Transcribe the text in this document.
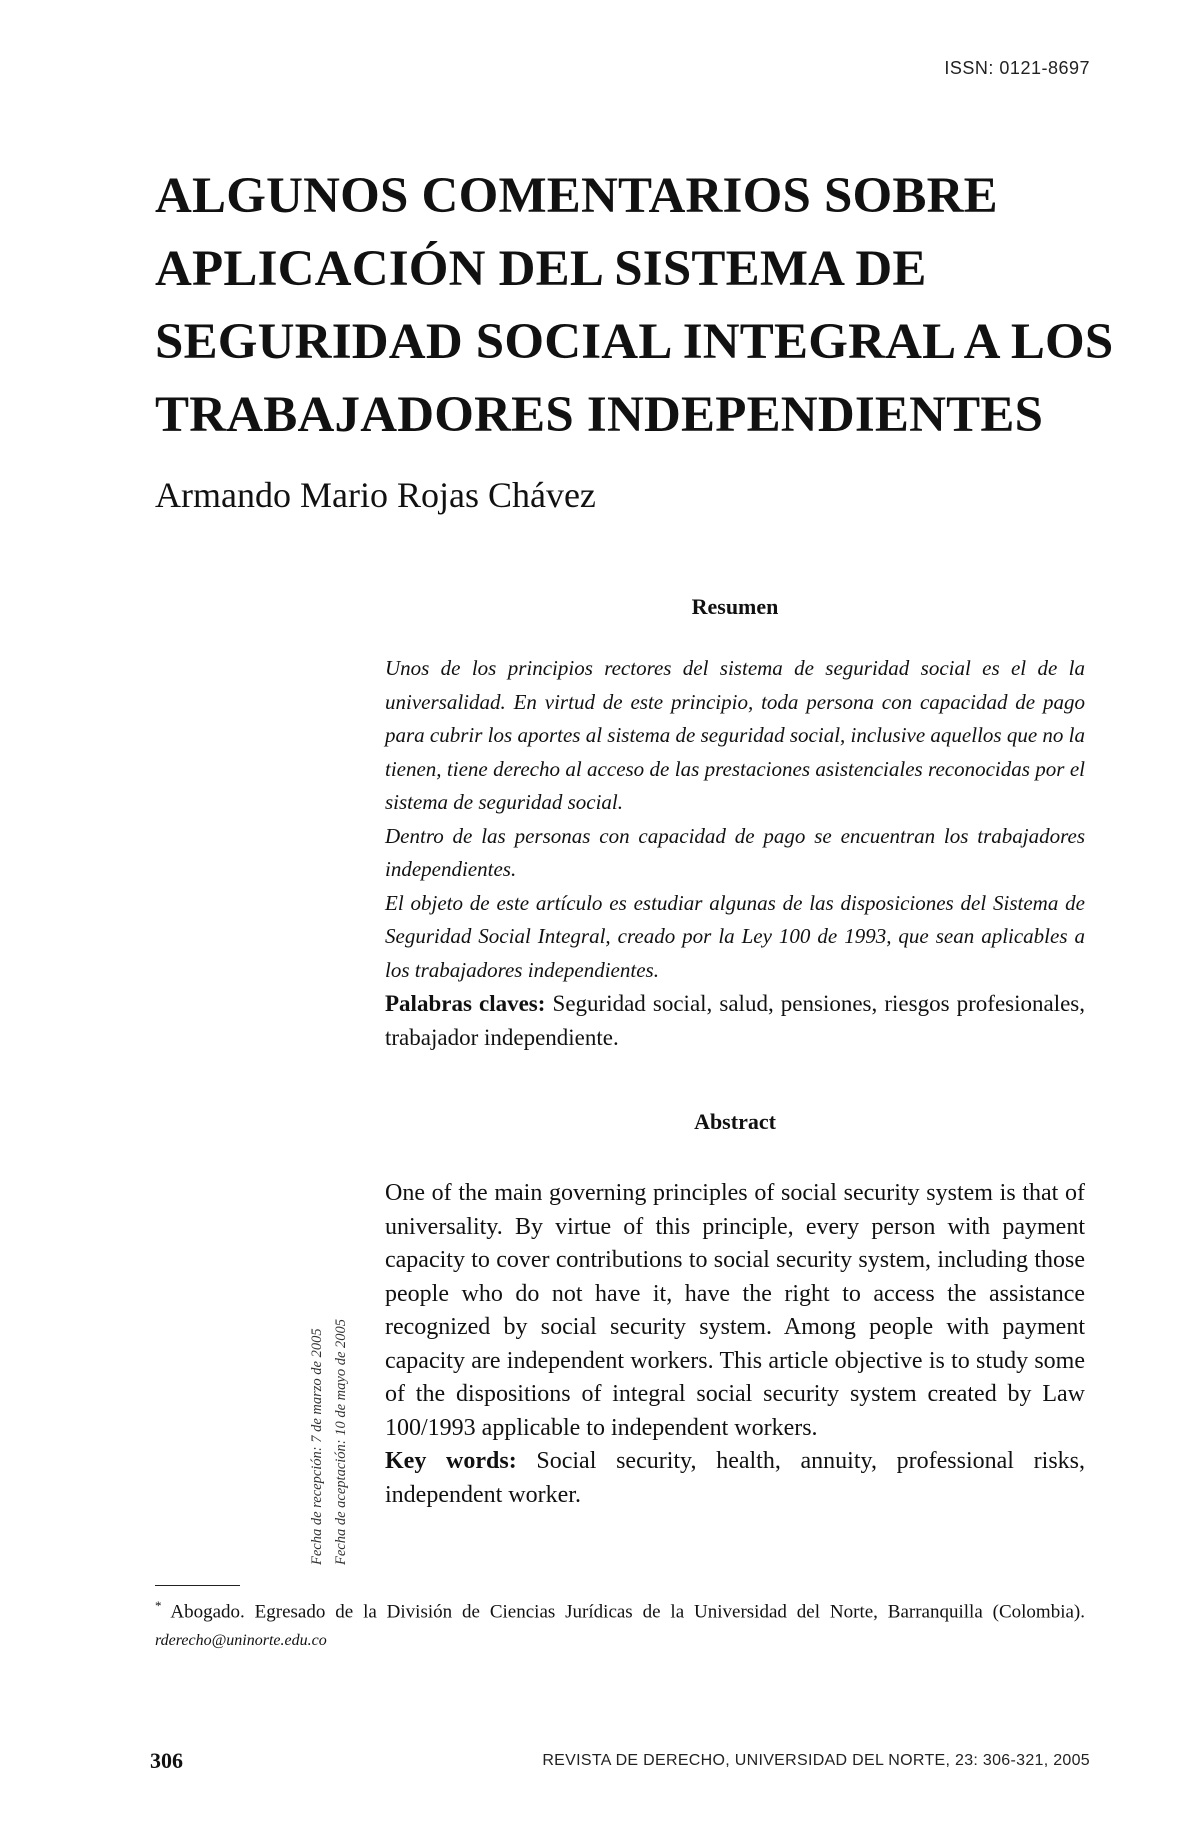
ISSN: 0121-8697
ALGUNOS COMENTARIOS SOBRE
APLICACIÓN DEL SISTEMA DE
SEGURIDAD SOCIAL INTEGRAL A LOS
TRABAJADORES INDEPENDIENTES
Armando Mario Rojas Chávez
Resumen

Unos de los principios rectores del sistema de seguridad social es el de la universalidad. En virtud de este principio, toda persona con capacidad de pago para cubrir los aportes al sistema de seguridad social, inclusive aquellos que no la tienen, tiene derecho al acceso de las prestaciones asistenciales reconocidas por el sistema de seguridad social.

Dentro de las personas con capacidad de pago se encuentran los trabajadores independientes.

El objeto de este artículo es estudiar algunas de las disposiciones del Sistema de Seguridad Social Integral, creado por la Ley 100 de 1993, que sean aplicables a los trabajadores independientes.

Palabras claves: Seguridad social, salud, pensiones, riesgos profesionales, trabajador independiente.

Abstract

One of the main governing principles of social security system is that of universality. By virtue of this principle, every person with payment capacity to cover contributions to social security system, including those people who do not have it, have the right to access the assistance recognized by social security system. Among people with payment capacity are independent workers. This article objective is to study some of the dispositions of integral social security system created by Law 100/1993 applicable to independent workers.

Key words: Social security, health, annuity, professional risks, independent worker.

Fecha de recepción: 7 de marzo de 2005 Fecha de aceptación: 10 de mayo de 2005
* Abogado. Egresado de la División de Ciencias Jurídicas de la Universidad del Norte, Barranquilla (Colombia). rderecho@uninorte.edu.co
306	REVISTA DE DERECHO, UNIVERSIDAD DEL NORTE, 23: 306-321, 2005
